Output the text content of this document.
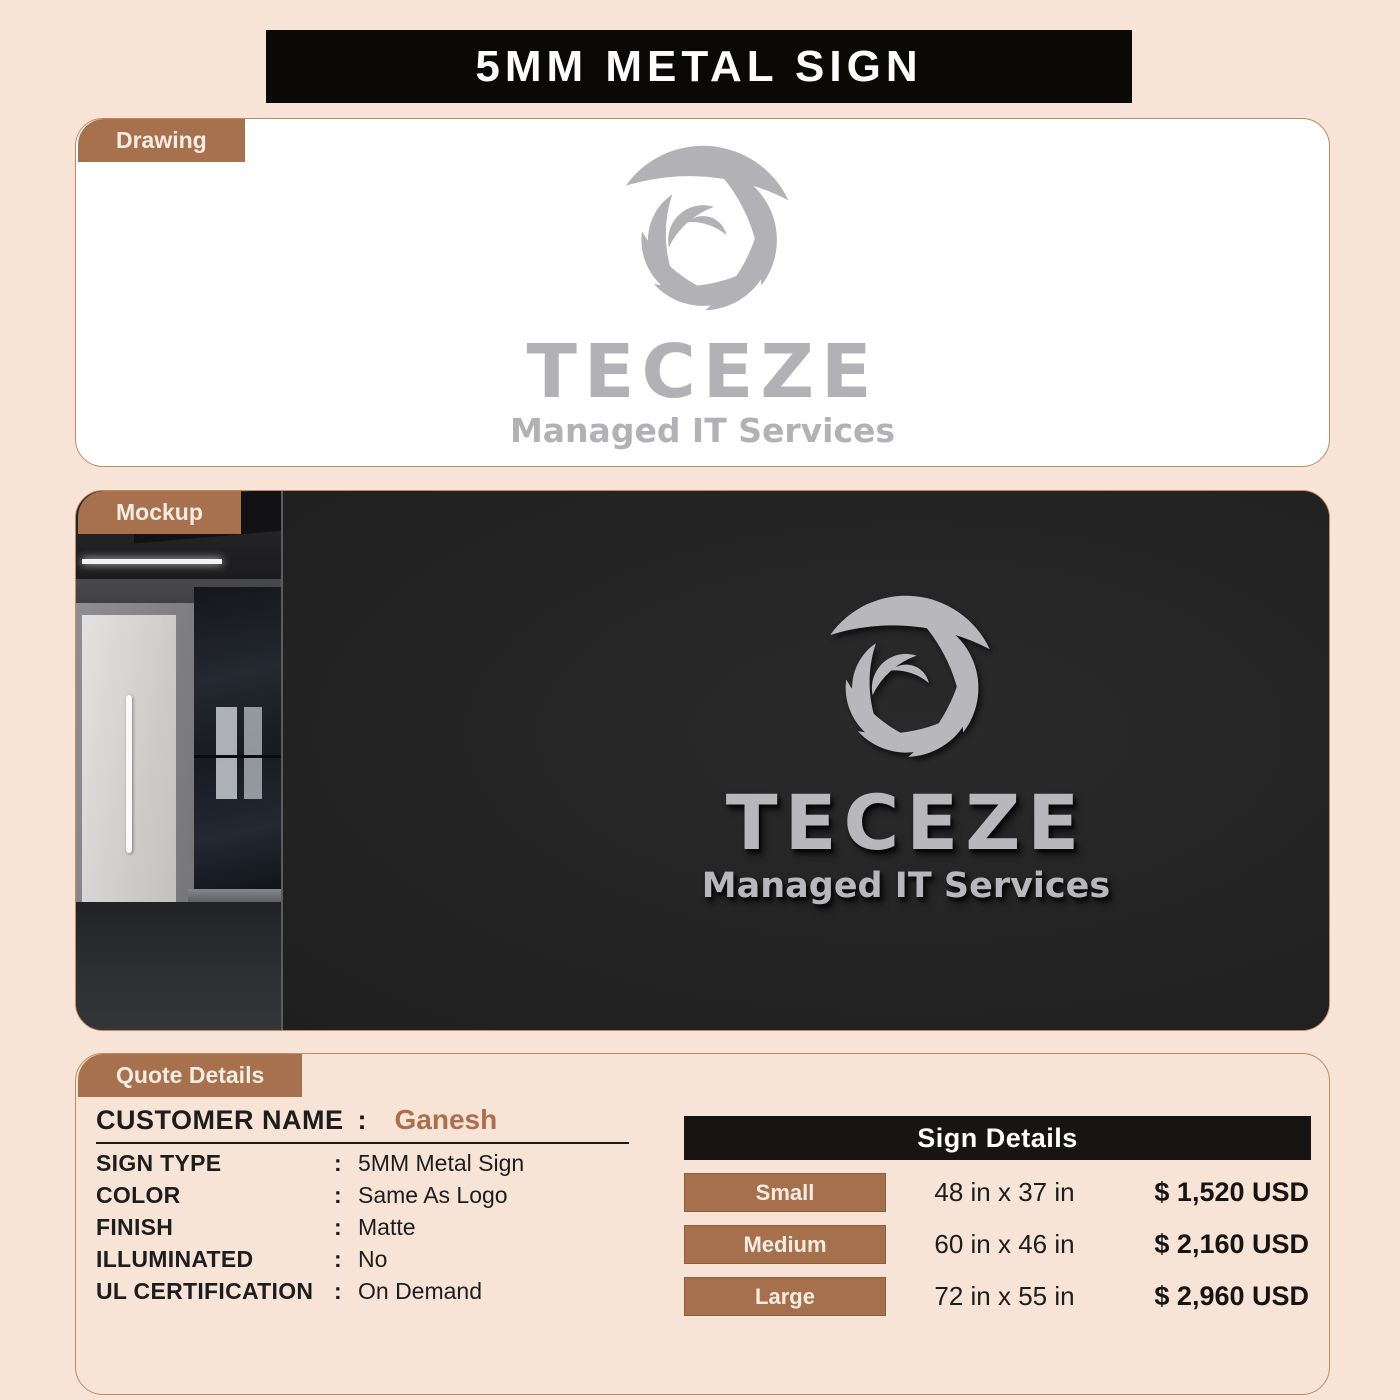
5MM METAL SIGN
Drawing
TECEZE
Managed IT Services
Mockup
TECEZE
Managed IT Services
Quote Details
CUSTOMER NAME : Ganesh
SIGN TYPE	: 5MM Metal Sign
COLOR	: Same As Logo
FINISH	: Matte
ILLUMINATED	: No
UL CERTIFICATION : On Demand
Sign Details
Small	48 in x 37 in	$ 1,520 USD
Medium	60 in x 46 in	$ 2,160 USD
Large	72 in x 55 in	$ 2,960 USD
